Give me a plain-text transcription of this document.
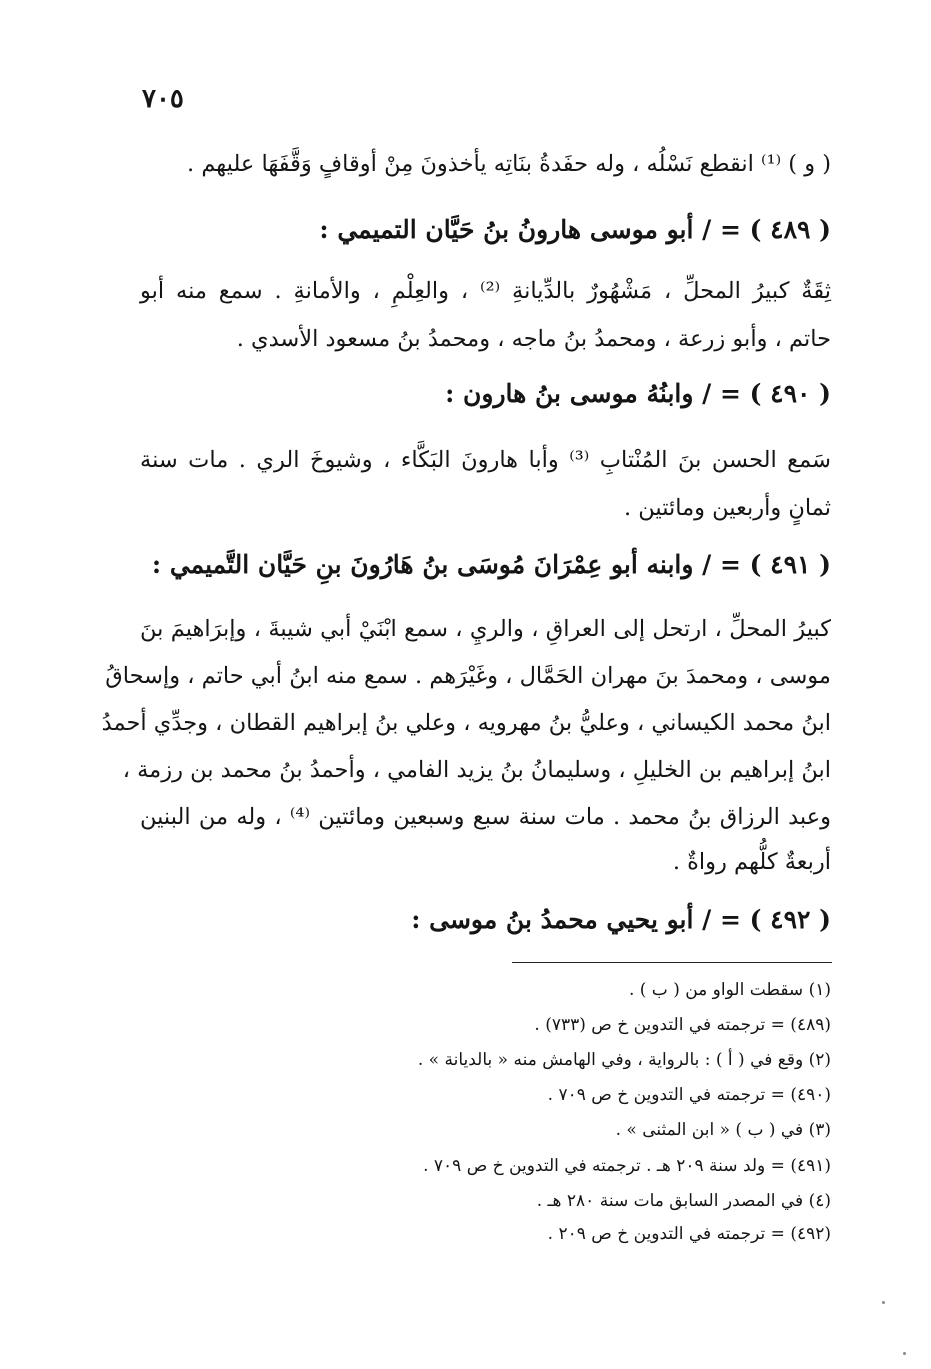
٧٠٥
( و ) ⁽¹⁾ انقطع نَسْلُه ، وله حفَدةُ بنَاتِه يأخذونَ مِنْ أوقافٍ وَقَّفَهَا عليهم .
( ٤٨٩ ) = / أبو موسى هارونُ بنُ حَيَّان التميمي :
ثِقَةٌ كبيرُ المحلِّ ، مَشْهُورٌ بالدِّيانةِ ⁽²⁾ ، والعِلْمِ ، والأمانةِ . سمع منه أبو
حاتم ، وأبو زرعة ، ومحمدُ بنُ ماجه ، ومحمدُ بنُ مسعود الأسدي .
( ٤٩٠ ) = / وابنُهُ موسى بنُ هارون :
سَمع الحسن بنَ المُنْتابِ ⁽³⁾ وأبا هارونَ البَكَّاء ، وشيوخَ الري . مات سنة
ثمانٍ وأربعين ومائتين .
( ٤٩١ ) = / وابنه أبو عِمْرَانَ مُوسَى بنُ هَارُونَ بنِ حَيَّان التَّميمي :
كبيرُ المحلِّ ، ارتحل إلى العراقِ ، والريِ ، سمع ابْنَيْ أبي شيبةَ ، وإبرَاهيمَ بنَ
موسى ، ومحمدَ بنَ مهران الحَمَّال ، وغَيْرَهم . سمع منه ابنُ أبي حاتم ، وإسحاقُ
ابنُ محمد الكيساني ، وعليُّ بنُ مهرويه ، وعلي بنُ إبراهيم القطان ، وجدِّي أحمدُ
ابنُ إبراهيم بن الخليلِ ، وسليمانُ بنُ يزيد الفامي ، وأحمدُ بنُ محمد بن رزمة ،
وعبد الرزاق بنُ محمد . مات سنة سبع وسبعين ومائتين ⁽⁴⁾ ، وله من البنين
أربعةٌ كلُّهم رواةٌ .
( ٤٩٢ ) = / أبو يحيي محمدُ بنُ موسى :
(١) سقطت الواو من ( ب ) .
(٤٨٩) = ترجمته في التدوين خ ص (٧٣٣) .
(٢) وقع في ( أ ) : بالرواية ، وفي الهامش منه « بالديانة » .
(٤٩٠) = ترجمته في التدوين خ ص ٧٠٩ .
(٣) في ( ب ) « ابن المثنى » .
(٤٩١) = ولد سنة ٢٠٩ هـ . ترجمته في التدوين خ ص ٧٠٩ .
(٤) في المصدر السابق مات سنة ٢٨٠ هـ .
(٤٩٢) = ترجمته في التدوين خ ص ٢٠٩ .
